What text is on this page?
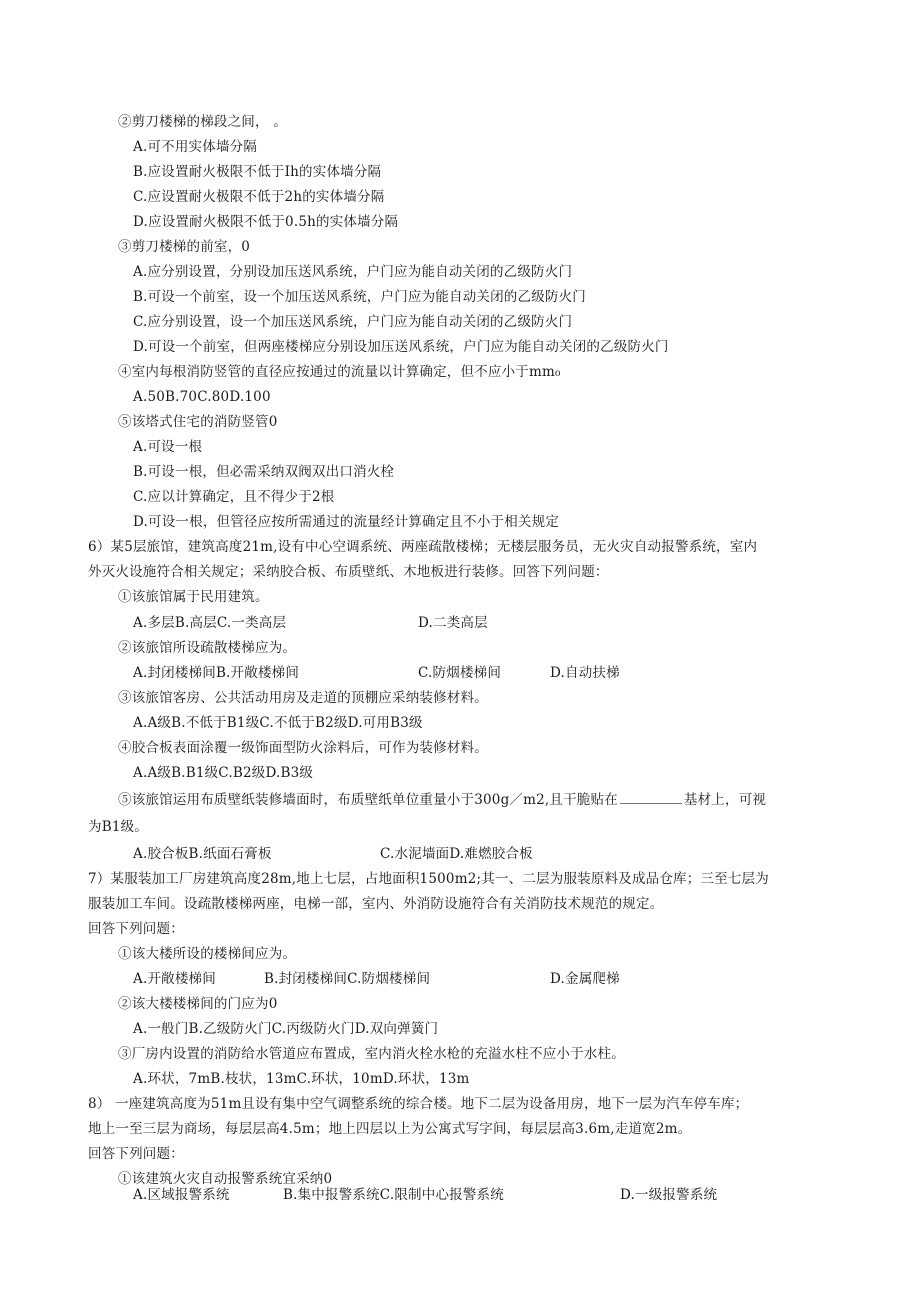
②剪刀楼梯的梯段之间， 。
A.可不用实体墙分隔
B.应设置耐火极限不低于Ih的实体墙分隔
C.应设置耐火极限不低于2h的实体墙分隔
D.应设置耐火极限不低于0.5h的实体墙分隔
③剪刀楼梯的前室，0
A.应分别设置，分别设加压送风系统，户门应为能自动关闭的乙级防火门
B.可设一个前室，设一个加压送风系统，户门应为能自动关闭的乙级防火门
C.应分别设置，设一个加压送风系统，户门应为能自动关闭的乙级防火门
D.可设一个前室，但两座楼梯应分别设加压送风系统，户门应为能自动关闭的乙级防火门
④室内每根消防竖管的直径应按通过的流量以计算确定，但不应小于mm₀
A.50B.70C.80D.100
⑤该塔式住宅的消防竖管0
A.可设一根
B.可设一根，但必需采纳双阀双出口消火栓
C.应以计算确定，且不得少于2根
D.可设一根，但管径应按所需通过的流量经计算确定且不小于相关规定
6）某5层旅馆，建筑高度21m,设有中心空调系统、两座疏散楼梯；无楼层服务员，无火灾自动报警系统，室内
外灭火设施符合相关规定；采纳胶合板、布质壁纸、木地板进行装修。回答下列问题：
①该旅馆属于民用建筑。
A.多层B.高层C.一类高层	D.二类高层
②该旅馆所设疏散楼梯应为。
A.封闭楼梯间B.开敞楼梯间	C.防烟楼梯间	D.自动扶梯
③该旅馆客房、公共活动用房及走道的顶棚应采纳装修材料。
A.A级B.不低于B1级C.不低于B2级D.可用B3级
④胶合板表面涂覆一级饰面型防火涂料后，可作为装修材料。
A.A级B.B1级C.B2级D.B3级
⑤该旅馆运用布质壁纸装修墙面时，布质壁纸单位重量小于300g／m2,且干脆贴在	基材上，可视
为B1级。
A.胶合板B.纸面石膏板	C.水泥墙面D.难燃胶合板
7）某服装加工厂房建筑高度28m,地上七层，占地面积1500m2;其一、二层为服装原料及成品仓库；三至七层为
服装加工车间。设疏散楼梯两座，电梯一部，室内、外消防设施符合有关消防技术规范的规定。
回答下列问题：
①该大楼所设的楼梯间应为。
A.开敞楼梯间	B.封闭楼梯间C.防烟楼梯间	D.金属爬梯
②该大楼楼梯间的门应为0
A.一般门B.乙级防火门C.丙级防火门D.双向弹簧门
③厂房内设置的消防给水管道应布置成，室内消火栓水枪的充溢水柱不应小于水柱。
A.环状，7mB.枝状，13mC.环状，10mD.环状，13m
8） 一座建筑高度为51m且设有集中空气调整系统的综合楼。地下二层为设备用房，地下一层为汽车停车库；
地上一至三层为商场，每层层高4.5m；地上四层以上为公寓式写字间，每层层高3.6m,走道宽2m。
回答下列问题：
①该建筑火灾自动报警系统宜采纳0
A.区域报警系统	B.集中报警系统C.限制中心报警系统	D.一级报警系统
